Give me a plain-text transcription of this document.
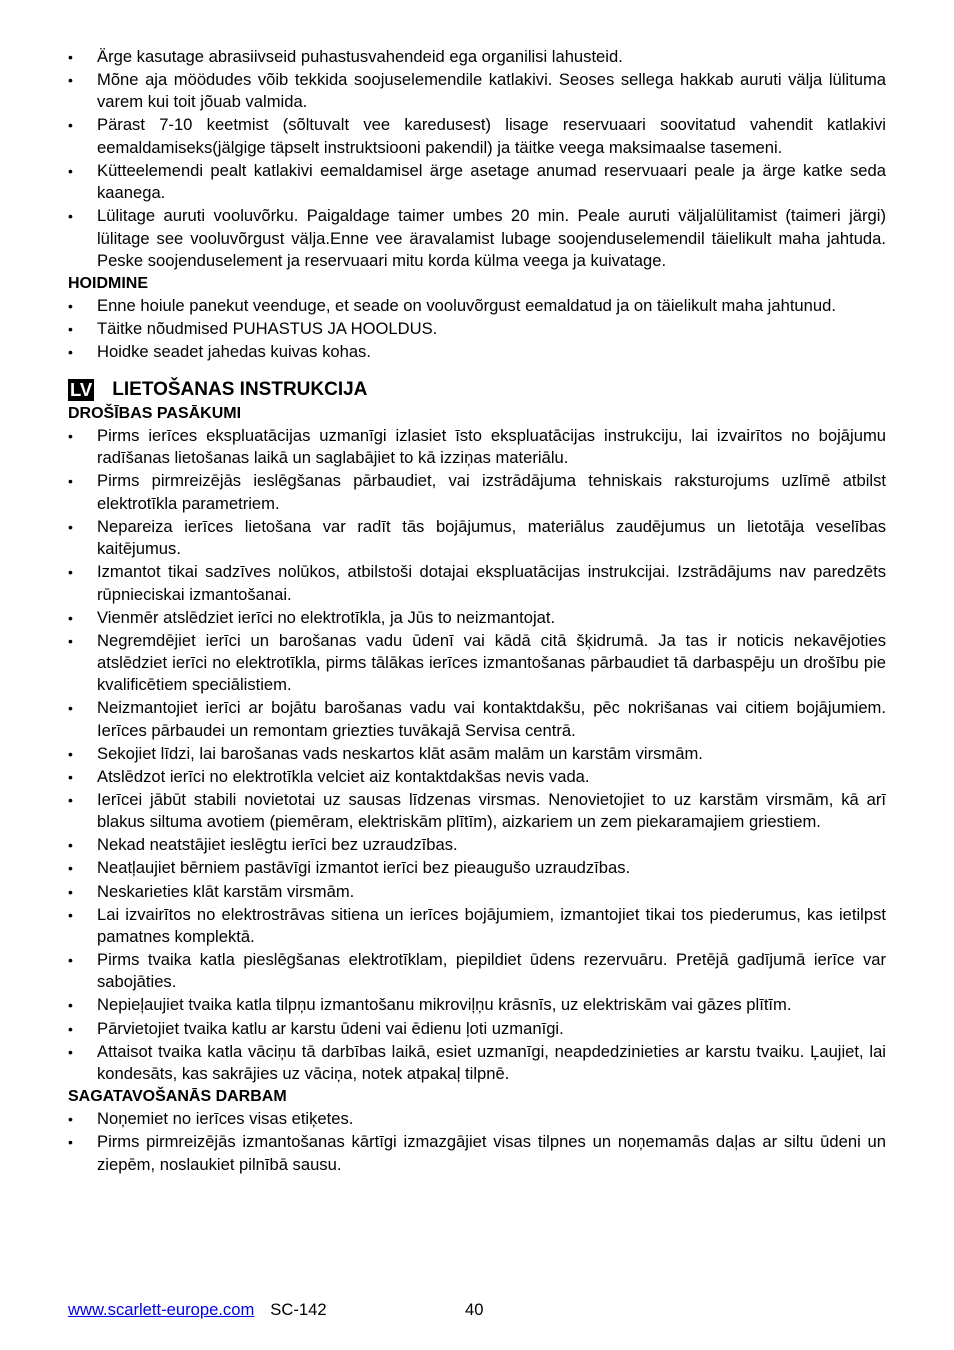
•	Ärge kasutage abrasiivseid puhastusvahendeid ega organilisi lahusteid.
•	Mõne aja möödudes võib tekkida soojuselemendile katlakivi. Seoses sellega hakkab auruti välja lülituma varem kui toit jõuab valmida.
•	Pärast 7-10 keetmist (sõltuvalt vee karedusest) lisage reservuaari soovitatud vahendit katlakivi eemaldamiseks(jälgige täpselt instruktsiooni pakendil) ja täitke veega maksimaalse tasemeni.
•	Kütteelemendi pealt katlakivi eemaldamisel ärge asetage anumad reservuaari peale ja ärge katke seda kaanega.
•	Lülitage auruti vooluvõrku. Paigaldage taimer umbes 20 min. Peale auruti väljalülitamist (taimeri järgi) lülitage see vooluvõrgust välja.Enne vee äravalamist lubage soojenduselemendil täielikult maha jahtuda. Peske soojenduselement ja reservuaari mitu korda külma veega ja kuivatage.

HOIDMINE

•	Enne hoiule panekut veenduge, et seade on vooluvõrgust eemaldatud ja on täielikult maha jahtunud.
•	Täitke nõudmised PUHASTUS JA HOOLDUS.
•	Hoidke seadet jahedas kuivas kohas.
LV LIETOŠANAS INSTRUKCIJA

DROŠĪBAS PASĀKUMI

•	Pirms ierīces ekspluatācijas uzmanīgi izlasiet īsto ekspluatācijas instrukciju, lai izvairītos no bojājumu radīšanas lietošanas laikā un saglabājiet to kā izziņas materiālu.
•	Pirms pirmreizējās ieslēgšanas pārbaudiet, vai izstrādājuma tehniskais raksturojums uzlīmē atbilst elektrotīkla parametriem.
•	Nepareiza ierīces lietošana var radīt tās bojājumus, materiālus zaudējumus un lietotāja veselības kaitējumus.
•	Izmantot tikai sadzīves nolūkos, atbilstoši dotajai ekspluatācijas instrukcijai. Izstrādājums nav paredzēts rūpnieciskai izmantošanai.
•	Vienmēr atslēdziet ierīci no elektrotīkla, ja Jūs to neizmantojat.
•	Negremdējiet ierīci un barošanas vadu ūdenī vai kādā citā šķidrumā. Ja tas ir noticis nekavējoties atslēdziet ierīci no elektrotīkla, pirms tālākas ierīces izmantošanas pārbaudiet tā darbaspēju un drošību pie kvalificētiem speciālistiem.
•	Neizmantojiet ierīci ar bojātu barošanas vadu vai kontaktdakšu, pēc nokrišanas vai citiem bojājumiem. Ierīces pārbaudei un remontam griezties tuvākajā Servisa centrā.
•	Sekojiet līdzi, lai barošanas vads neskartos klāt asām malām un karstām virsmām.
•	Atslēdzot ierīci no elektrotīkla velciet aiz kontaktdakšas nevis vada.
•	Ierīcei jābūt stabili novietotai uz sausas līdzenas virsmas. Nenovietojiet to uz karstām virsmām, kā arī blakus siltuma avotiem (piemēram, elektriskām plītīm), aizkariem un zem piekaramajiem griestiem.
•	Nekad neatstājiet ieslēgtu ierīci bez uzraudzības.
•	Neatļaujiet bērniem pastāvīgi izmantot ierīci bez pieaugušo uzraudzības.
•	Neskarieties klāt karstām virsmām.
•	Lai izvairītos no elektrostrāvas sitiena un ierīces bojājumiem, izmantojiet tikai tos piederumus, kas ietilpst pamatnes komplektā.
•	Pirms tvaika katla pieslēgšanas elektrotīklam, piepildiet ūdens rezervuāru. Pretējā gadījumā ierīce var sabojāties.
•	Nepieļaujiet tvaika katla tilpņu izmantošanu mikroviļņu krāsnīs, uz elektriskām vai gāzes plītīm.
•	Pārvietojiet tvaika katlu ar karstu ūdeni vai ēdienu ļoti uzmanīgi.
•	Attaisot tvaika katla vāciņu tā darbības laikā, esiet uzmanīgi, neapdedzinieties ar karstu tvaiku. Ļaujiet, lai kondesāts, kas sakrājies uz vāciņa, notek atpakaļ tilpnē.

SAGATAVOŠANĀS DARBAM

•	Noņemiet no ierīces visas etiķetes.
•	Pirms pirmreizējās izmantošanas kārtīgi izmazgājiet visas tilpnes un noņemamās daļas ar siltu ūdeni un ziepēm, noslaukiet pilnībā sausu.
www.scarlett-europe.com SC-142	40
